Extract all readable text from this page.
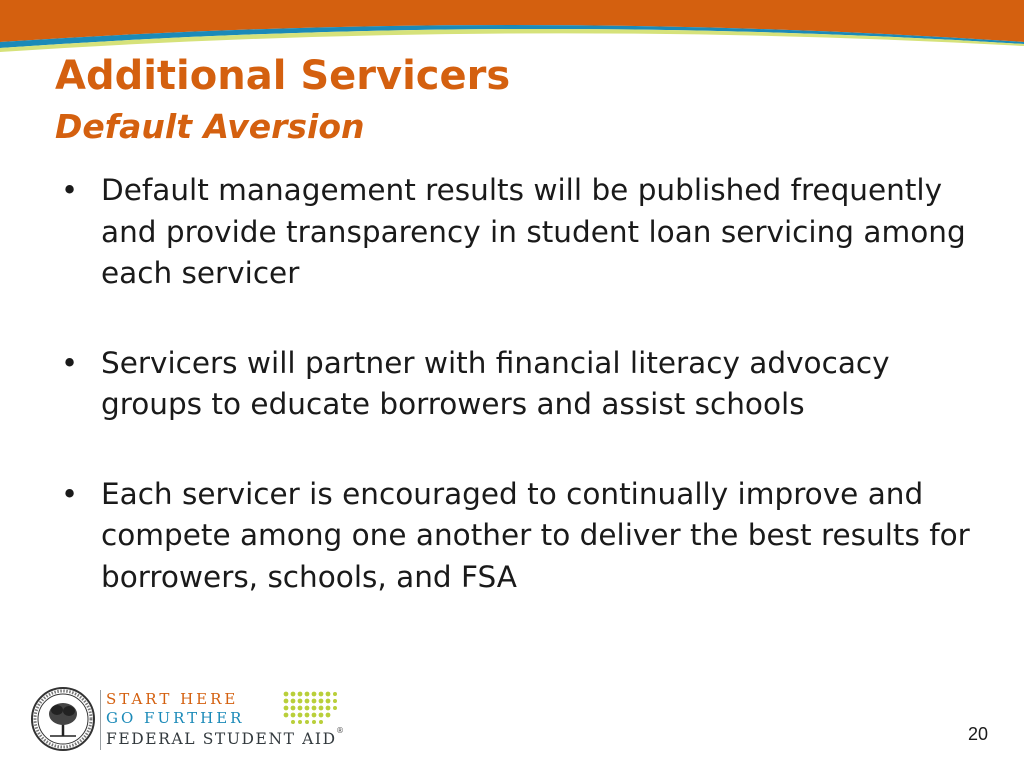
Additional Servicers
Default Aversion
• Default management results will be published frequently and provide transparency in student loan servicing among each servicer
• Servicers will partner with financial literacy advocacy groups to educate borrowers and assist schools
• Each servicer is encouraged to continually improve and compete among one another to deliver the best results for borrowers, schools, and FSA
START HERE
GO FURTHER
FEDERAL STUDENT AID ®	20
